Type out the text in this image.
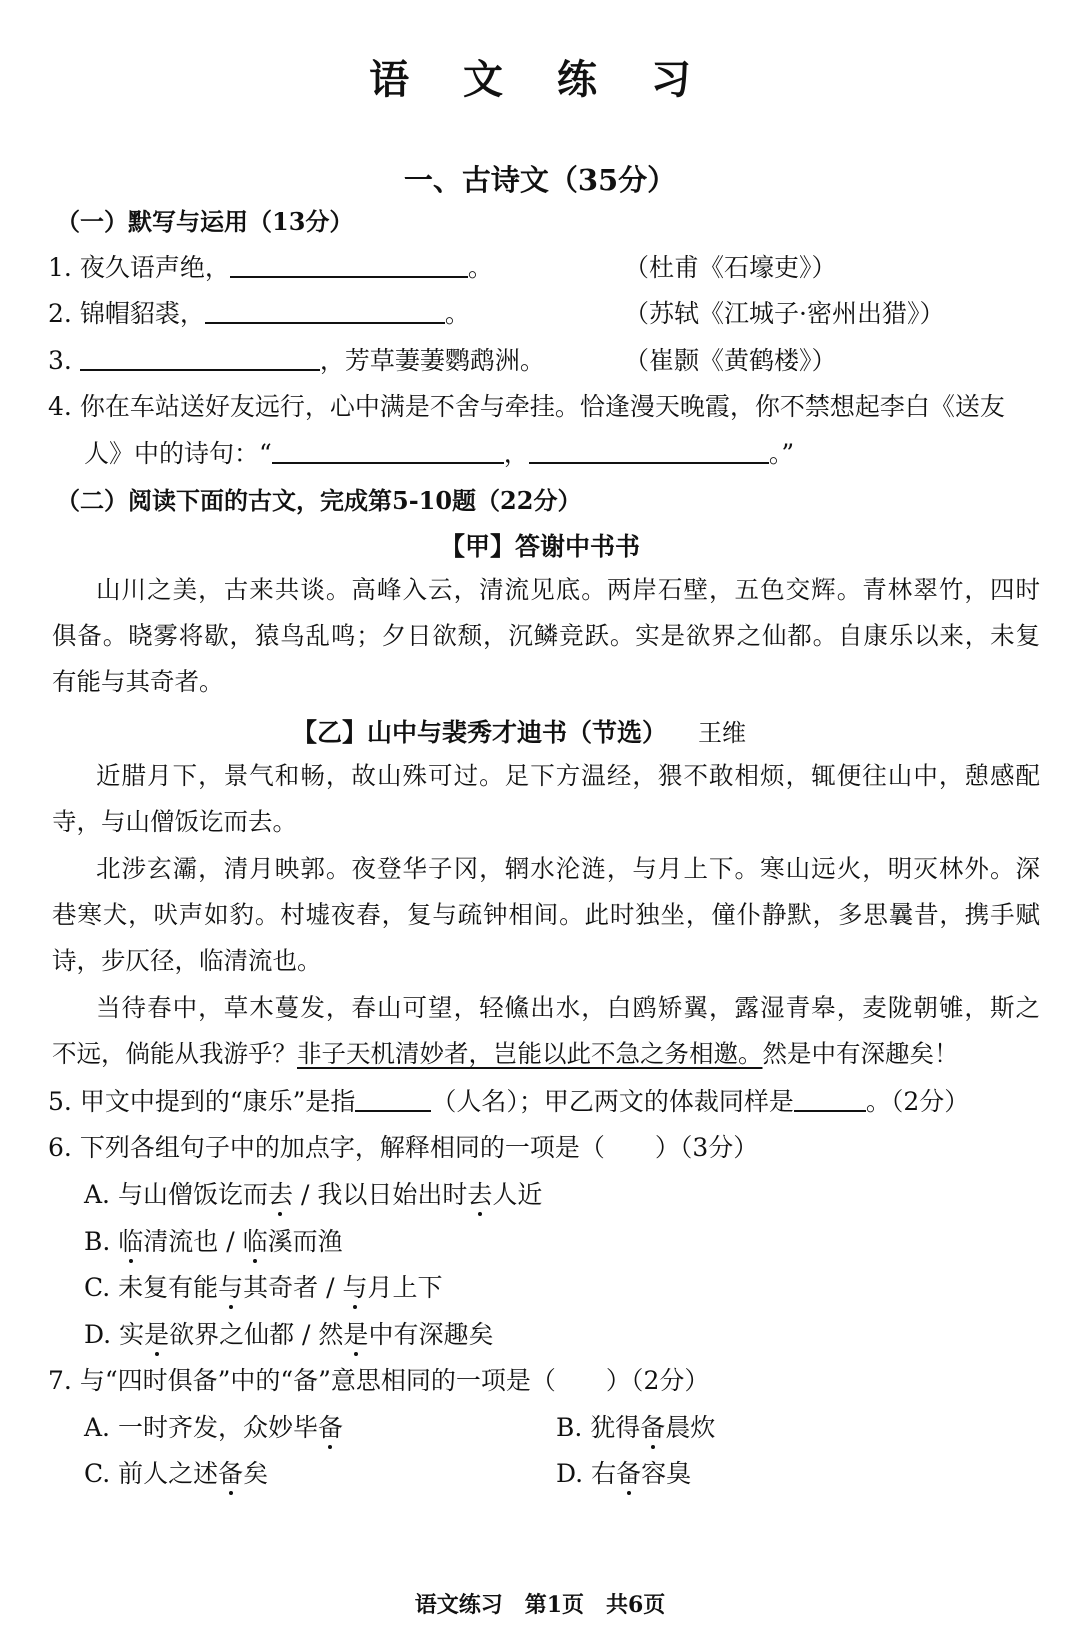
语 文 练 习
一、古诗文（35分）
（一）默写与运用（13分）
1. 夜久语声绝，	。	（杜甫《石壕吏》）
2. 锦帽貂裘，	。	（苏轼《江城子·密州出猎》）
3.	，芳草萋萋鹦鹉洲。	（崔颢《黄鹤楼》）
4. 你在车站送好友远行，心中满是不舍与牵挂。恰逢漫天晚霞，你不禁想起李白《送友
人》中的诗句：“	，	。”
（二）阅读下面的古文，完成第5-10题（22分）
【甲】答谢中书书
山川之美，古来共谈。高峰入云，清流见底。两岸石壁，五色交辉。青林翠竹，四时
俱备。晓雾将歇，猿鸟乱鸣；夕日欲颓，沉鳞竞跃。实是欲界之仙都。自康乐以来，未复
有能与其奇者。
【乙】山中与裴秀才迪书（节选） 王维
近腊月下，景气和畅，故山殊可过。足下方温经，猥不敢相烦，辄便往山中，憩感配
寺，与山僧饭讫而去。
北涉玄灞，清月映郭。夜登华子冈，辋水沦涟，与月上下。寒山远火，明灭林外。深
巷寒犬，吠声如豹。村墟夜舂，复与疏钟相间。此时独坐，僮仆静默，多思曩昔，携手赋
诗，步仄径，临清流也。
当待春中，草木蔓发，春山可望，轻鯈出水，白鸥矫翼，露湿青皋，麦陇朝雊，斯之
不远，倘能从我游乎？非子天机清妙者，岂能以此不急之务相邀。然是中有深趣矣！
5. 甲文中提到的“康乐”是指	（人名）；甲乙两文的体裁同样是	。（2分）
6. 下列各组句子中的加点字，解释相同的一项是（　　）（3分）
A. 与山僧饭讫而去 / 我以日始出时去人近
B. 临清流也 / 临溪而渔
C. 未复有能与其奇者 / 与月上下
D. 实是欲界之仙都 / 然是中有深趣矣
7. 与“四时俱备”中的“备”意思相同的一项是（　　）（2分）
A. 一时齐发，众妙毕备	B. 犹得备晨炊
C. 前人之述备矣	D. 右备容臭
语文练习　第1页　共6页
